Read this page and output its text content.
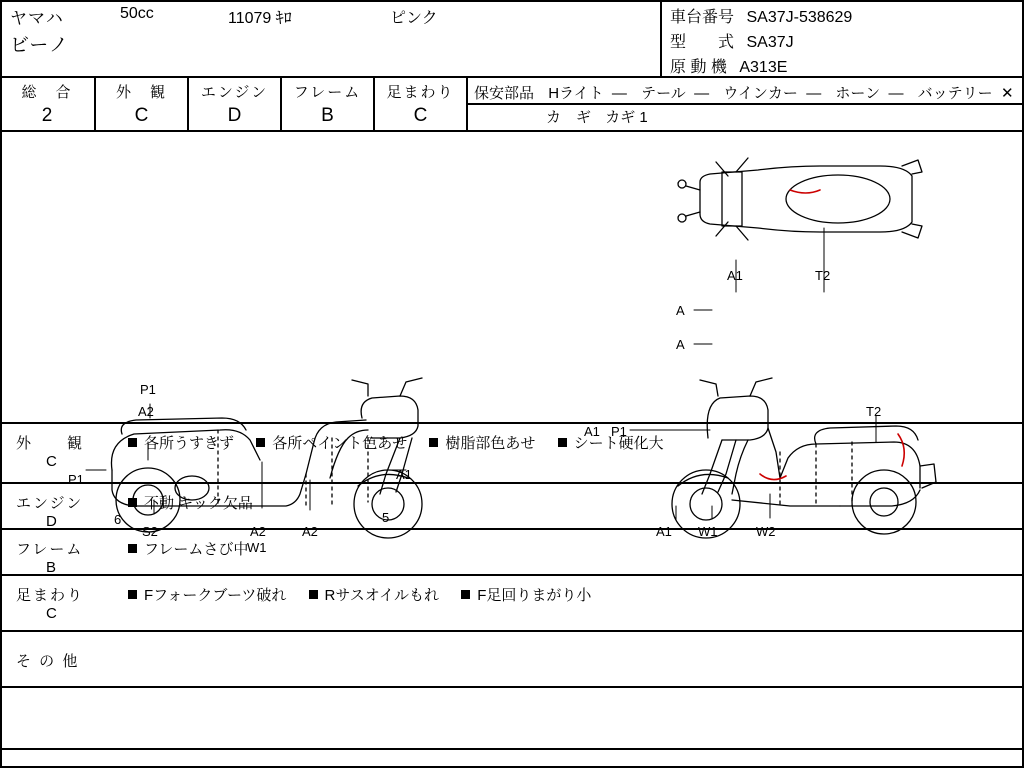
ヤマハ
ビーノ
50cc	11079 ｷﾛ	ピンク	車台番号 SA37J-538629
型　　式 SA37J
原 動 機 A313E
総　合
2
外　観
C
エンジン
D
フレーム
B
足まわり
C
保安部品 Hライト ― テール ― ウインカー ― ホーン ― バッテリー ✕
カ　ギ カギ 1
A1	T2
A
A
P1
A2
P1
6
S2	A2
W1
A2
5
A1
A1 P1
T2
A1 W1	W2
外　　観
C
各所うすきず	各所ペイント色あせ	樹脂部色あせ	シート硬化大
エンジン
D
不動 キック欠品
フレーム
B
フレームさび中
足まわり
C
Fフォークブーツ破れ	Rサスオイルもれ	F足回りまがり小
そ の 他
